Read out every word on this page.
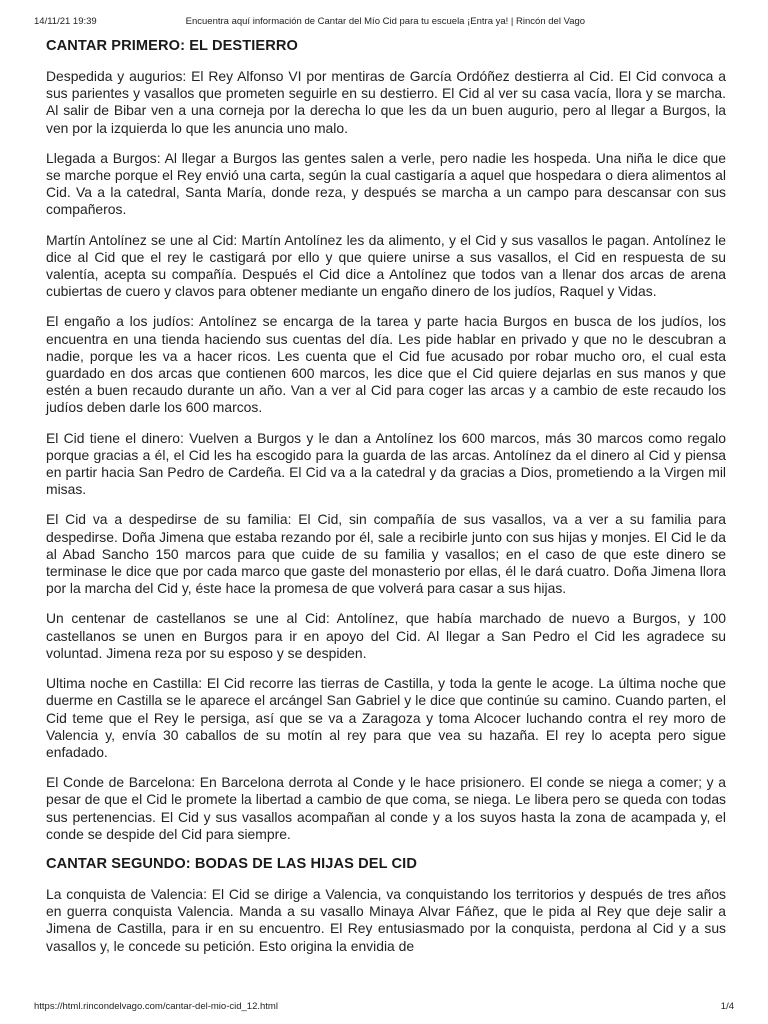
14/11/21 19:39	Encuentra aquí información de Cantar del Mío Cid para tu escuela ¡Entra ya! | Rincón del Vago
CANTAR PRIMERO: EL DESTIERRO

Despedida y augurios: El Rey Alfonso VI por mentiras de García Ordóñez destierra al Cid. El Cid convoca a sus parientes y vasallos que prometen seguirle en su destierro. El Cid al ver su casa vacía, llora y se marcha. Al salir de Bibar ven a una corneja por la derecha lo que les da un buen augurio, pero al llegar a Burgos, la ven por la izquierda lo que les anuncia uno malo.

Llegada a Burgos: Al llegar a Burgos las gentes salen a verle, pero nadie les hospeda. Una niña le dice que se marche porque el Rey envió una carta, según la cual castigaría a aquel que hospedara o diera alimentos al Cid. Va a la catedral, Santa María, donde reza, y después se marcha a un campo para descansar con sus compañeros.

Martín Antolínez se une al Cid: Martín Antolínez les da alimento, y el Cid y sus vasallos le pagan. Antolínez le dice al Cid que el rey le castigará por ello y que quiere unirse a sus vasallos, el Cid en respuesta de su valentía, acepta su compañía. Después el Cid dice a Antolínez que todos van a llenar dos arcas de arena cubiertas de cuero y clavos para obtener mediante un engaño dinero de los judíos, Raquel y Vidas.

El engaño a los judíos: Antolínez se encarga de la tarea y parte hacia Burgos en busca de los judíos, los encuentra en una tienda haciendo sus cuentas del día. Les pide hablar en privado y que no le descubran a nadie, porque les va a hacer ricos. Les cuenta que el Cid fue acusado por robar mucho oro, el cual esta guardado en dos arcas que contienen 600 marcos, les dice que el Cid quiere dejarlas en sus manos y que estén a buen recaudo durante un año. Van a ver al Cid para coger las arcas y a cambio de este recaudo los judíos deben darle los 600 marcos.

El Cid tiene el dinero: Vuelven a Burgos y le dan a Antolínez los 600 marcos, más 30 marcos como regalo porque gracias a él, el Cid les ha escogido para la guarda de las arcas. Antolínez da el dinero al Cid y piensa en partir hacia San Pedro de Cardeña. El Cid va a la catedral y da gracias a Dios, prometiendo a la Virgen mil misas.

El Cid va a despedirse de su familia: El Cid, sin compañía de sus vasallos, va a ver a su familia para despedirse. Doña Jimena que estaba rezando por él, sale a recibirle junto con sus hijas y monjes. El Cid le da al Abad Sancho 150 marcos para que cuide de su familia y vasallos; en el caso de que este dinero se terminase le dice que por cada marco que gaste del monasterio por ellas, él le dará cuatro. Doña Jimena llora por la marcha del Cid y, éste hace la promesa de que volverá para casar a sus hijas.

Un centenar de castellanos se une al Cid: Antolínez, que había marchado de nuevo a Burgos, y 100 castellanos se unen en Burgos para ir en apoyo del Cid. Al llegar a San Pedro el Cid les agradece su voluntad. Jimena reza por su esposo y se despiden.

Ultima noche en Castilla: El Cid recorre las tierras de Castilla, y toda la gente le acoge. La última noche que duerme en Castilla se le aparece el arcángel San Gabriel y le dice que continúe su camino. Cuando parten, el Cid teme que el Rey le persiga, así que se va a Zaragoza y toma Alcocer luchando contra el rey moro de Valencia y, envía 30 caballos de su motín al rey para que vea su hazaña. El rey lo acepta pero sigue enfadado.

El Conde de Barcelona: En Barcelona derrota al Conde y le hace prisionero. El conde se niega a comer; y a pesar de que el Cid le promete la libertad a cambio de que coma, se niega. Le libera pero se queda con todas sus pertenencias. El Cid y sus vasallos acompañan al conde y a los suyos hasta la zona de acampada y, el conde se despide del Cid para siempre.

CANTAR SEGUNDO: BODAS DE LAS HIJAS DEL CID

La conquista de Valencia: El Cid se dirige a Valencia, va conquistando los territorios y después de tres años en guerra conquista Valencia. Manda a su vasallo Minaya Alvar Fáñez, que le pida al Rey que deje salir a Jimena de Castilla, para ir en su encuentro. El Rey entusiasmado por la conquista, perdona al Cid y a sus vasallos y, le concede su petición. Esto origina la envidia de

https://html.rincondelvago.com/cantar-del-mio-cid_12.html	1/4
